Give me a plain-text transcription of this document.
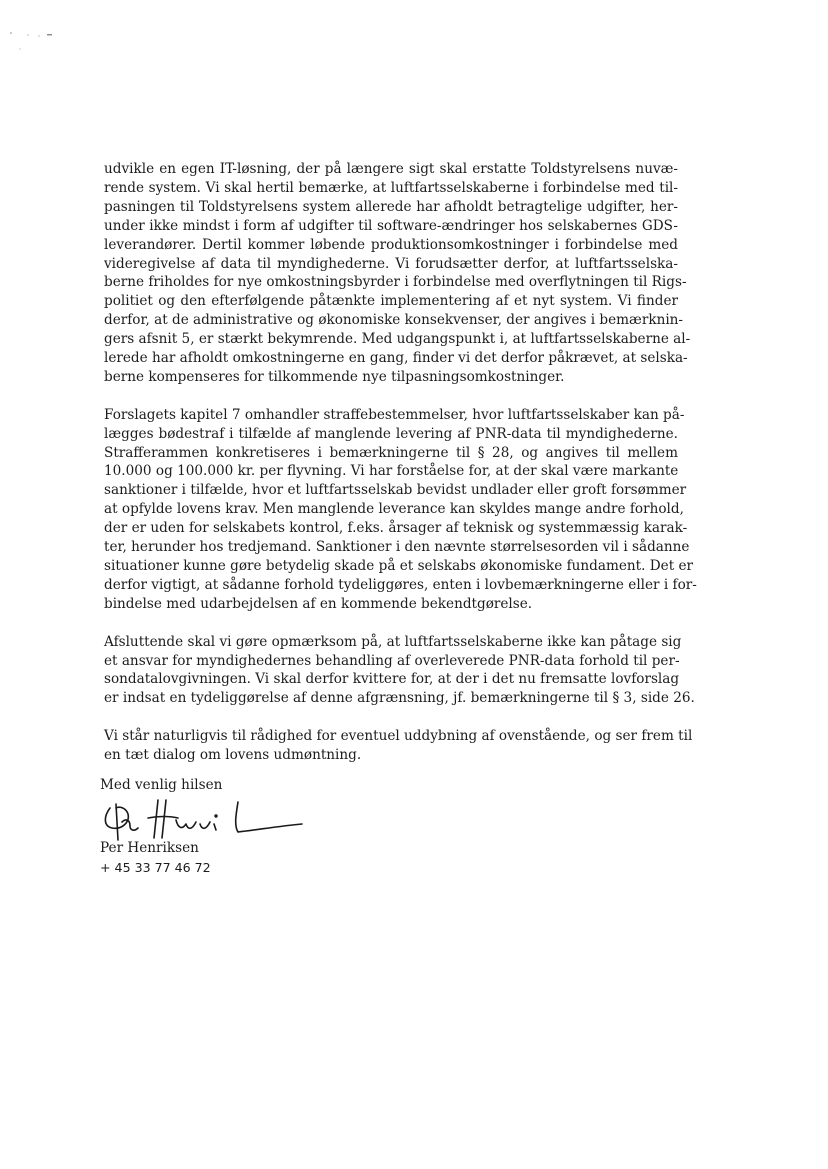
udvikle en egen IT-løsning, der på længere sigt skal erstatte Toldstyrelsens nuvæ-
rende system. Vi skal hertil bemærke, at luftfartsselskaberne i forbindelse med til-
pasningen til Toldstyrelsens system allerede har afholdt betragtelige udgifter, her-
under ikke mindst i form af udgifter til software-ændringer hos selskabernes GDS-
leverandører. Dertil kommer løbende produktionsomkostninger i forbindelse med
videregivelse af data til myndighederne. Vi forudsætter derfor, at luftfartsselska-
berne friholdes for nye omkostningsbyrder i forbindelse med overflytningen til Rigs-
politiet og den efterfølgende påtænkte implementering af et nyt system. Vi finder
derfor, at de administrative og økonomiske konsekvenser, der angives i bemærknin-
gers afsnit 5, er stærkt bekymrende. Med udgangspunkt i, at luftfartsselskaberne al-
lerede har afholdt omkostningerne en gang, finder vi det derfor påkrævet, at selska-
berne kompenseres for tilkommende nye tilpasningsomkostninger.

Forslagets kapitel 7 omhandler straffebestemmelser, hvor luftfartsselskaber kan på-
lægges bødestraf i tilfælde af manglende levering af PNR-data til myndighederne.
Strafferammen konkretiseres i bemærkningerne til § 28, og angives til mellem
10.000 og 100.000 kr. per flyvning. Vi har forståelse for, at der skal være markante
sanktioner i tilfælde, hvor et luftfartsselskab bevidst undlader eller groft forsømmer
at opfylde lovens krav. Men manglende leverance kan skyldes mange andre forhold,
der er uden for selskabets kontrol, f.eks. årsager af teknisk og systemmæssig karak-
ter, herunder hos tredjemand. Sanktioner i den nævnte størrelsesorden vil i sådanne
situationer kunne gøre betydelig skade på et selskabs økonomiske fundament. Det er
derfor vigtigt, at sådanne forhold tydeliggøres, enten i lovbemærkningerne eller i for-
bindelse med udarbejdelsen af en kommende bekendtgørelse.

Afsluttende skal vi gøre opmærksom på, at luftfartsselskaberne ikke kan påtage sig
et ansvar for myndighedernes behandling af overleverede PNR-data forhold til per-
sondatalovgivningen. Vi skal derfor kvittere for, at der i det nu fremsatte lovforslag
er indsat en tydeliggørelse af denne afgrænsning, jf. bemærkningerne til § 3, side 26.

Vi står naturligvis til rådighed for eventuel uddybning af ovenstående, og ser frem til
en tæt dialog om lovens udmøntning.

Med venlig hilsen
Per Henriksen
+ 45 33 77 46 72
